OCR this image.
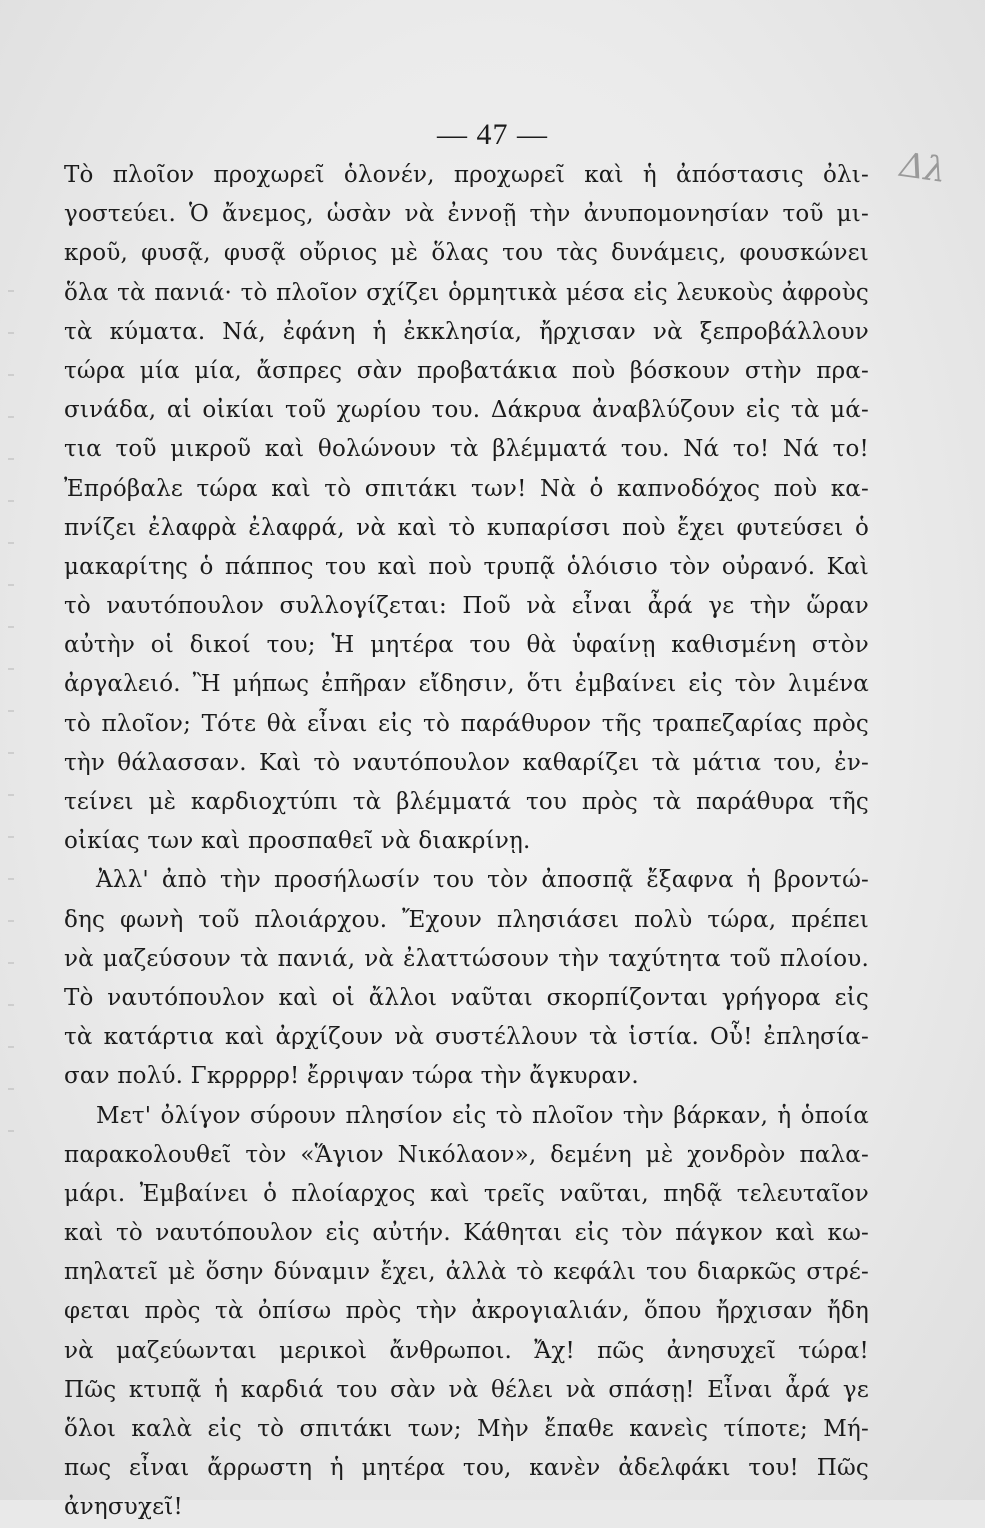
— 47 —
Δλ
Τὸ πλοῖον προχωρεῖ ὁλονέν, προχωρεῖ καὶ ἡ ἀπόστασις ὀλι-
γοστεύει. Ὁ ἄνεμος, ὡσὰν νὰ ἐννοῇ τὴν ἀνυπομονησίαν τοῦ μι-
κροῦ, φυσᾷ, φυσᾷ οὔριος μὲ ὅλας του τὰς δυνάμεις, φουσκώνει
ὅλα τὰ πανιά· τὸ πλοῖον σχίζει ὁρμητικὰ μέσα εἰς λευκοὺς ἀφροὺς
τὰ κύματα. Νά, ἐφάνη ἡ ἐκκλησία, ἤρχισαν νὰ ξεπροβάλλουν
τώρα μία μία, ἄσπρες σὰν προβατάκια ποὺ βόσκουν στὴν πρα-
σινάδα, αἱ οἰκίαι τοῦ χωρίου του. Δάκρυα ἀναβλύζουν εἰς τὰ μά-
τια τοῦ μικροῦ καὶ θολώνουν τὰ βλέμματά του. Νά το! Νά το!
Ἐπρόβαλε τώρα καὶ τὸ σπιτάκι των! Νὰ ὁ καπνοδόχος ποὺ κα-
πνίζει ἐλαφρὰ ἐλαφρά, νὰ καὶ τὸ κυπαρίσσι ποὺ ἔχει φυτεύσει ὁ
μακαρίτης ὁ πάππος του καὶ ποὺ τρυπᾷ ὁλόισιο τὸν οὐρανό. Καὶ
τὸ ναυτόπουλον συλλογίζεται: Ποῦ νὰ εἶναι ἆρά γε τὴν ὥραν
αὐτὴν οἱ δικοί του; Ἡ μητέρα του θὰ ὑφαίνῃ καθισμένη στὸν
ἀργαλειό. Ἢ μήπως ἐπῆραν εἴδησιν, ὅτι ἐμβαίνει εἰς τὸν λιμένα
τὸ πλοῖον; Τότε θὰ εἶναι εἰς τὸ παράθυρον τῆς τραπεζαρίας πρὸς
τὴν θάλασσαν. Καὶ τὸ ναυτόπουλον καθαρίζει τὰ μάτια του, ἐν-
τείνει μὲ καρδιοχτύπι τὰ βλέμματά του πρὸς τὰ παράθυρα τῆς
οἰκίας των καὶ προσπαθεῖ νὰ διακρίνῃ.
Ἀλλ' ἀπὸ τὴν προσήλωσίν του τὸν ἀποσπᾷ ἔξαφνα ἡ βροντώ-
δης φωνὴ τοῦ πλοιάρχου. Ἔχουν πλησιάσει πολὺ τώρα, πρέπει
νὰ μαζεύσουν τὰ πανιά, νὰ ἐλαττώσουν τὴν ταχύτητα τοῦ πλοίου.
Τὸ ναυτόπουλον καὶ οἱ ἄλλοι ναῦται σκορπίζονται γρήγορα εἰς
τὰ κατάρτια καὶ ἀρχίζουν νὰ συστέλλουν τὰ ἱστία. Οὗ! ἐπλησία-
σαν πολύ. Γκρρρρρ! ἔρριψαν τώρα τὴν ἄγκυραν.
Μετ' ὀλίγον σύρουν πλησίον εἰς τὸ πλοῖον τὴν βάρκαν, ἡ ὁποία
παρακολουθεῖ τὸν «Ἅγιον Νικόλαον», δεμένη μὲ χονδρὸν παλα-
μάρι. Ἐμβαίνει ὁ πλοίαρχος καὶ τρεῖς ναῦται, πηδᾷ τελευταῖον
καὶ τὸ ναυτόπουλον εἰς αὐτήν. Κάθηται εἰς τὸν πάγκον καὶ κω-
πηλατεῖ μὲ ὅσην δύναμιν ἔχει, ἀλλὰ τὸ κεφάλι του διαρκῶς στρέ-
φεται πρὸς τὰ ὀπίσω πρὸς τὴν ἀκρογιαλιάν, ὅπου ἤρχισαν ἤδη
νὰ μαζεύωνται μερικοὶ ἄνθρωποι. Ἄχ! πῶς ἀνησυχεῖ τώρα!
Πῶς κτυπᾷ ἡ καρδιά του σὰν νὰ θέλει νὰ σπάσῃ! Εἶναι ἆρά γε
ὅλοι καλὰ εἰς τὸ σπιτάκι των; Μὴν ἔπαθε κανεὶς τίποτε; Μή-
πως εἶναι ἄρρωστη ἡ μητέρα του, κανὲν ἀδελφάκι του! Πῶς
ἀνησυχεῖ!
